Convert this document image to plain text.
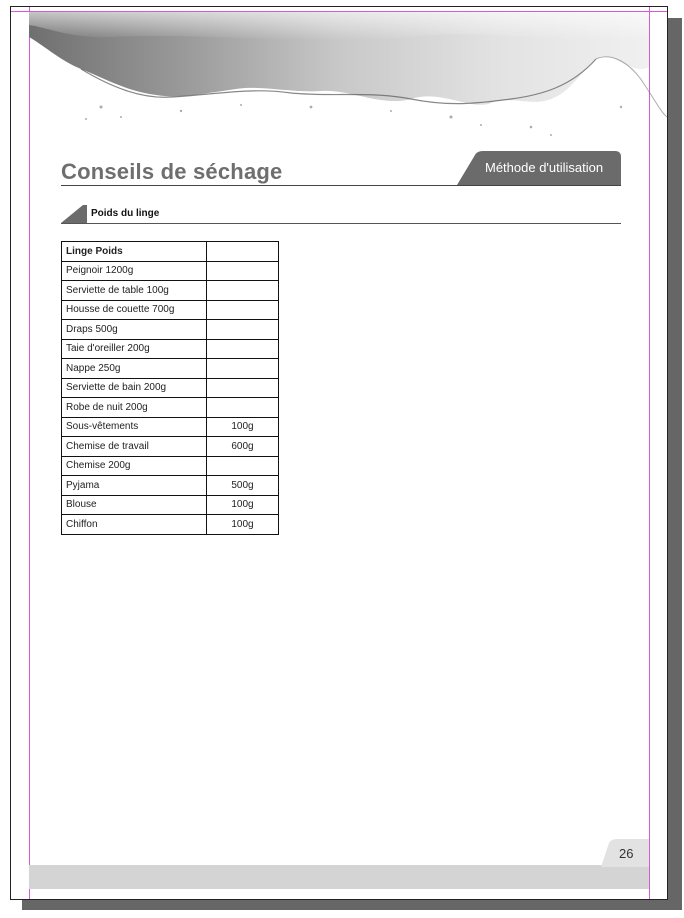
Conseils de séchage	Méthode d'utilisation
Poids du linge
Linge Poids	
Peignoir 1200g	
Serviette de table 100g	
Housse de couette 700g	
Draps 500g	
Taie d'oreiller 200g	
Nappe 250g	
Serviette de bain 200g	
Robe de nuit 200g	
Sous-vêtements	100g
Chemise de travail	600g
Chemise 200g	
Pyjama	500g
Blouse	100g
Chiffon	100g
26
